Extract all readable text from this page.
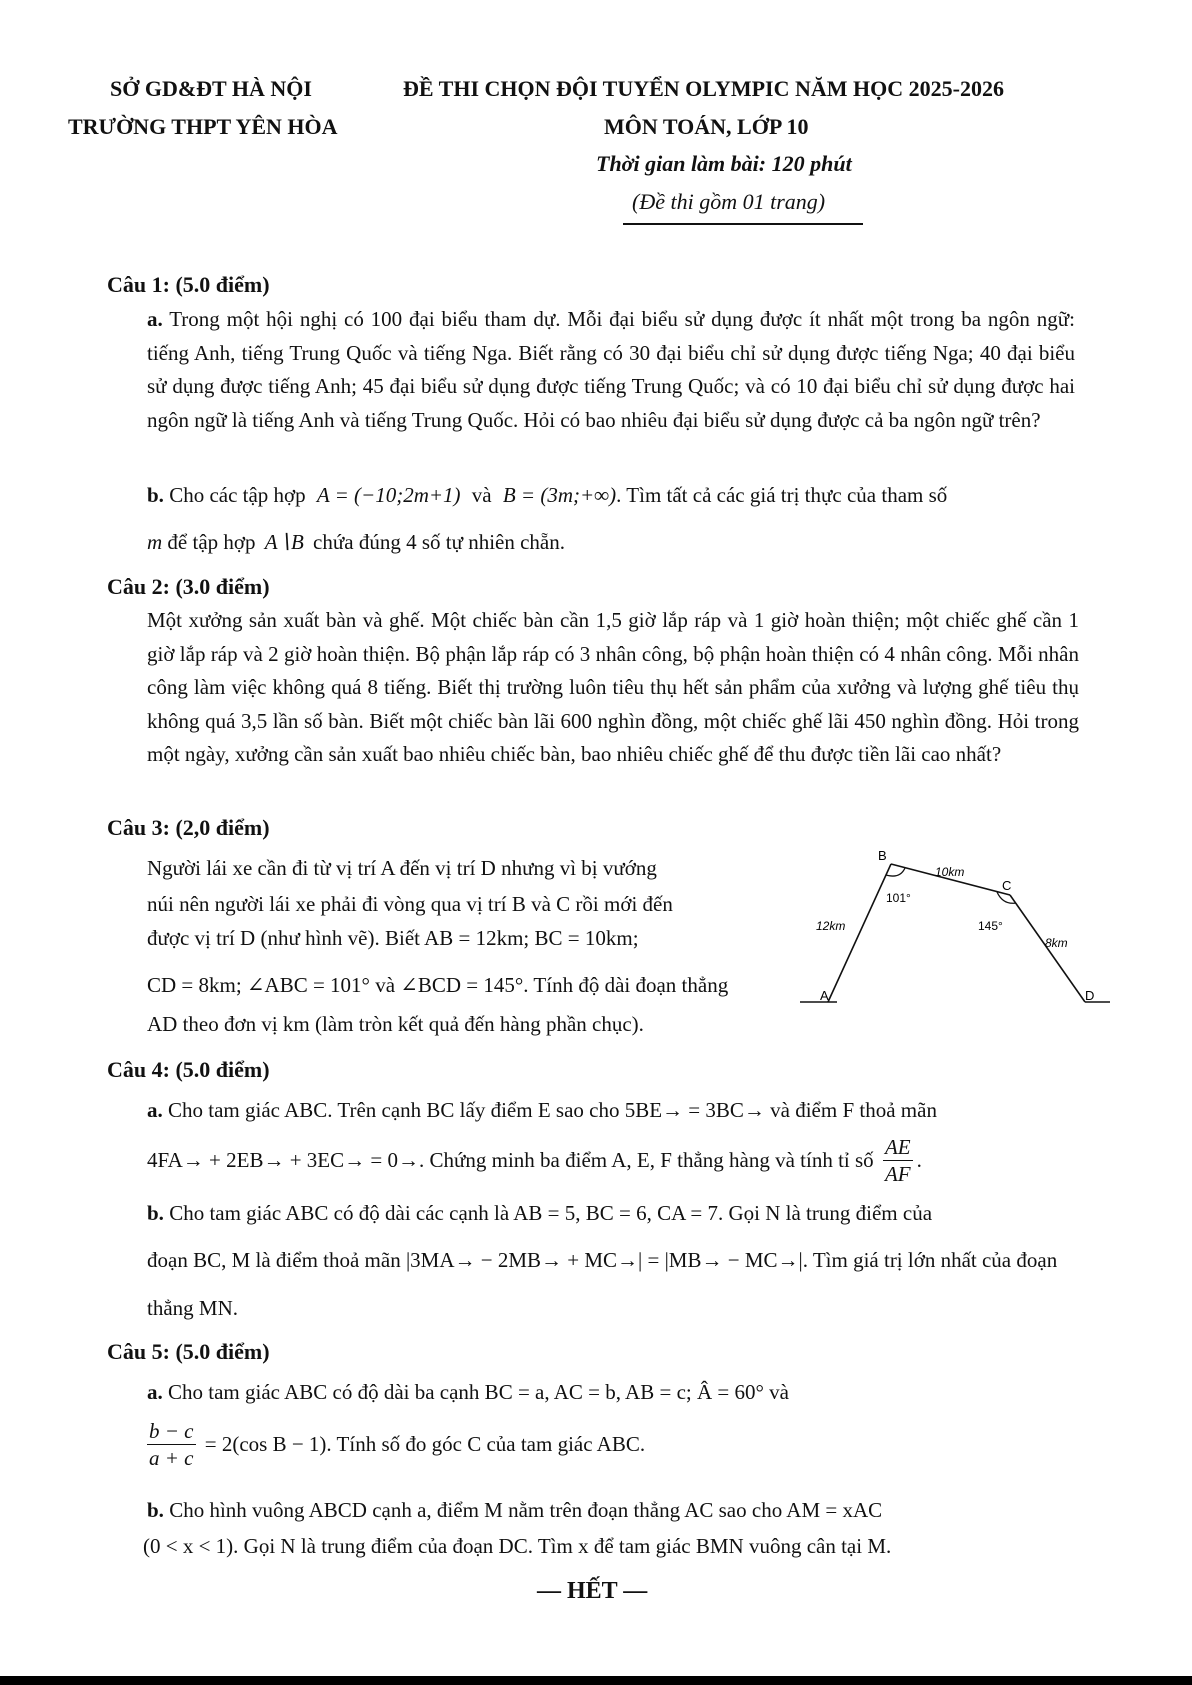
SỞ GD&ĐT HÀ NỘI
TRƯỜNG THPT YÊN HÒA
ĐỀ THI CHỌN ĐỘI TUYỂN OLYMPIC NĂM HỌC 2025-2026
MÔN TOÁN, LỚP 10
Thời gian làm bài: 120 phút
(Đề thi gồm 01 trang)
Câu 1: (5.0 điểm)
a. Trong một hội nghị có 100 đại biểu tham dự. Mỗi đại biểu sử dụng được ít nhất một trong ba ngôn ngữ: tiếng Anh, tiếng Trung Quốc và tiếng Nga. Biết rằng có 30 đại biểu chỉ sử dụng được tiếng Nga; 40 đại biểu sử dụng được tiếng Anh; 45 đại biểu sử dụng được tiếng Trung Quốc; và có 10 đại biểu chỉ sử dụng được hai ngôn ngữ là tiếng Anh và tiếng Trung Quốc. Hỏi có bao nhiêu đại biểu sử dụng được cả ba ngôn ngữ trên?
b. Cho các tập hợp A = (−10;2m+1) và B = (3m;+∞). Tìm tất cả các giá trị thực của tham số
m để tập hợp A∖B chứa đúng 4 số tự nhiên chẵn.
Câu 2: (3.0 điểm)
Một xưởng sản xuất bàn và ghế. Một chiếc bàn cần 1,5 giờ lắp ráp và 1 giờ hoàn thiện; một chiếc ghế cần 1 giờ lắp ráp và 2 giờ hoàn thiện. Bộ phận lắp ráp có 3 nhân công, bộ phận hoàn thiện có 4 nhân công. Mỗi nhân công làm việc không quá 8 tiếng. Biết thị trường luôn tiêu thụ hết sản phẩm của xưởng và lượng ghế tiêu thụ không quá 3,5 lần số bàn. Biết một chiếc bàn lãi 600 nghìn đồng, một chiếc ghế lãi 450 nghìn đồng. Hỏi trong một ngày, xưởng cần sản xuất bao nhiêu chiếc bàn, bao nhiêu chiếc ghế để thu được tiền lãi cao nhất?
Câu 3: (2,0 điểm)
Người lái xe cần đi từ vị trí A đến vị trí D nhưng vì bị vướng
núi nên người lái xe phải đi vòng qua vị trí B và C rồi mới đến
được vị trí D (như hình vẽ). Biết AB = 12km; BC = 10km;
CD = 8km; ∠ABC = 101° và ∠BCD = 145°. Tính độ dài đoạn thẳng
AD theo đơn vị km (làm tròn kết quả đến hàng phần chục).
B
C
A	D
12km
10km
8km
101°
145°
Câu 4: (5.0 điểm)
a. Cho tam giác ABC. Trên cạnh BC lấy điểm E sao cho 5BE→ = 3BC→ và điểm F thoả mãn
4FA→ + 2EB→ + 3EC→ = 0→. Chứng minh ba điểm A, E, F thẳng hàng và tính tỉ số $\frac{AE}{AF}$ .
b. Cho tam giác ABC có độ dài các cạnh là AB = 5, BC = 6, CA = 7. Gọi N là trung điểm của
đoạn BC, M là điểm thoả mãn |3MA→ − 2MB→ + MC→| = |MB→ − MC→|. Tìm giá trị lớn nhất của đoạn
thẳng MN.
Câu 5: (5.0 điểm)
a. Cho tam giác ABC có độ dài ba cạnh BC = a, AC = b, AB = c; Â = 60° và
$\frac{b - c}{a + c} = 2(\cos$ B − 1). Tính số đo góc C của tam giác ABC.
b. Cho hình vuông ABCD cạnh a, điểm M nằm trên đoạn thẳng AC sao cho AM = xAC
(0 < x < 1). Gọi N là trung điểm của đoạn DC. Tìm x để tam giác BMN vuông cân tại M.
— HẾT —
